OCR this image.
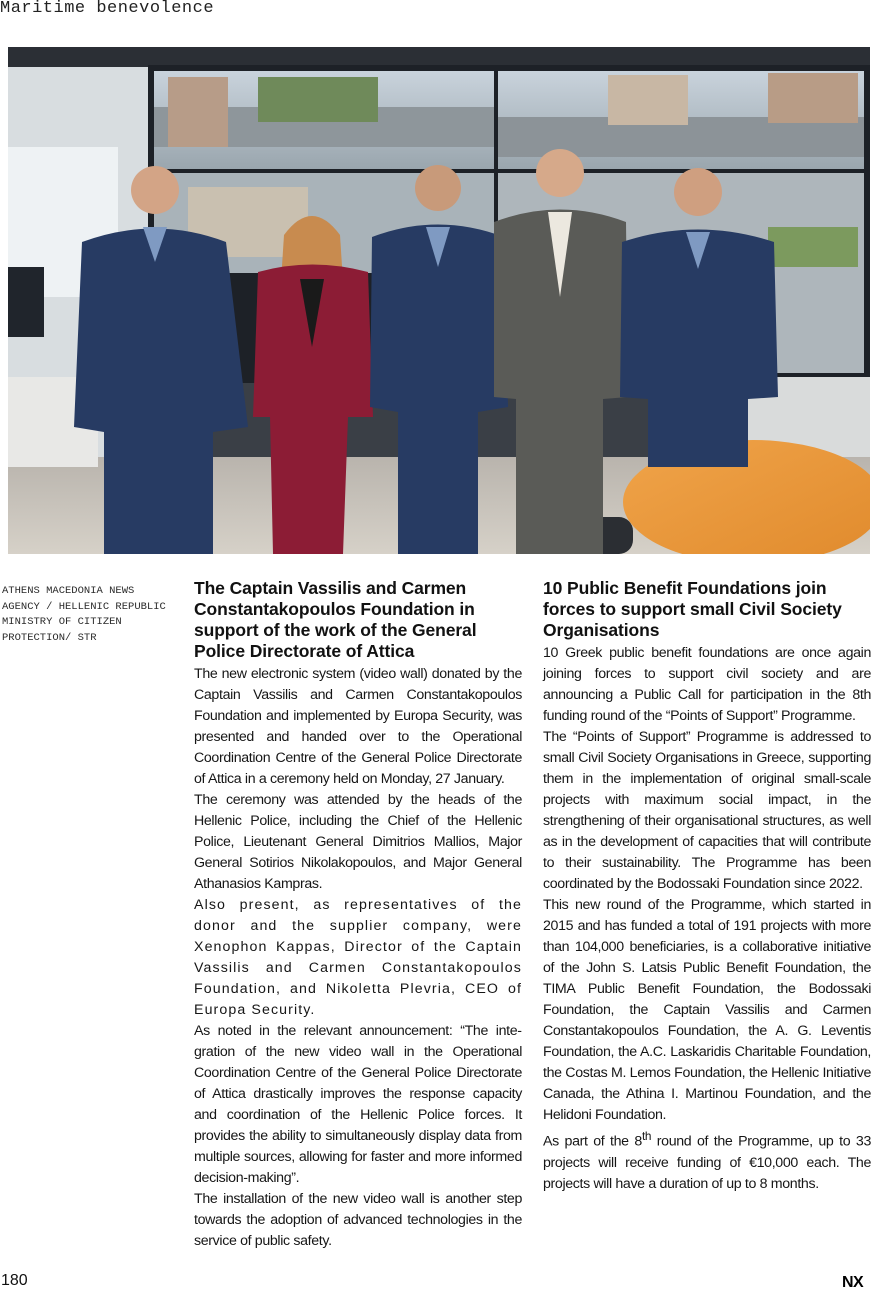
Maritime benevolence
ATHENS MACEDONIA NEWS
AGENCY / HELLENIC REPUBLIC
MINISTRY OF CITIZEN
PROTECTION/ STR
The Captain Vassilis and Carmen Constantakopoulos Foundation in support of the work of the General Police Directorate of Attica

The new electronic system (video wall) donated by the Captain Vassilis and Carmen Constantakopoulos Foundation and implemented by Europa Security, was presented and handed over to the Operational Coordination Centre of the General Police Directorate of Attica in a ceremony held on Monday, 27 January.

The ceremony was attended by the heads of the Hellenic Police, including the Chief of the Hellenic Police, Lieutenant General Dimitrios Mallios, Major General Sotirios Nikolakopoulos, and Major General Athanasios Kampras.

Also present, as representatives of the donor and the supplier company, were Xenophon Kappas, Director of the Captain Vassilis and Carmen Constantakopoulos Foundation, and Nikoletta Plevria, CEO of Europa Security.

As noted in the relevant announcement: “The integration of the new video wall in the Operational Coordination Centre of the General Police Directorate of Attica drastically improves the response capacity and coordination of the Hellenic Police forces. It provides the ability to simultaneously display data from multiple sources, allowing for faster and more informed decision-making”.

The installation of the new video wall is another step towards the adoption of advanced technologies in the service of public safety.

10 Public Benefit Foundations join forces to support small Civil Society Organisations

10 Greek public benefit foundations are once again joining forces to support civil society and are announcing a Public Call for participation in the 8th funding round of the “Points of Support” Programme.

The “Points of Support” Programme is addressed to small Civil Society Organisations in Greece, supporting them in the implementation of original small-scale projects with maximum social impact, in the strengthening of their organisational structures, as well as in the development of capacities that will contribute to their sustainability. The Programme has been coordinated by the Bodossaki Foundation since 2022.

This new round of the Programme, which started in 2015 and has funded a total of 191 projects with more than 104,000 beneficiaries, is a collaborative initiative of the John S. Latsis Public Benefit Foundation, the TIMA Public Benefit Foundation, the Bodossaki Foundation, the Captain Vassilis and Carmen Constantakopoulos Foundation, the A. G. Leventis Foundation, the A.C. Laskaridis Charitable Foundation, the Costas M. Lemos Foundation, the Hellenic Initiative Canada, the Athina I. Martinou Foundation, and the Helidoni Foundation.

As part of the 8th round of the Programme, up to 33 projects will receive funding of €10,000 each. The projects will have a duration of up to 8 months.

180	NX
